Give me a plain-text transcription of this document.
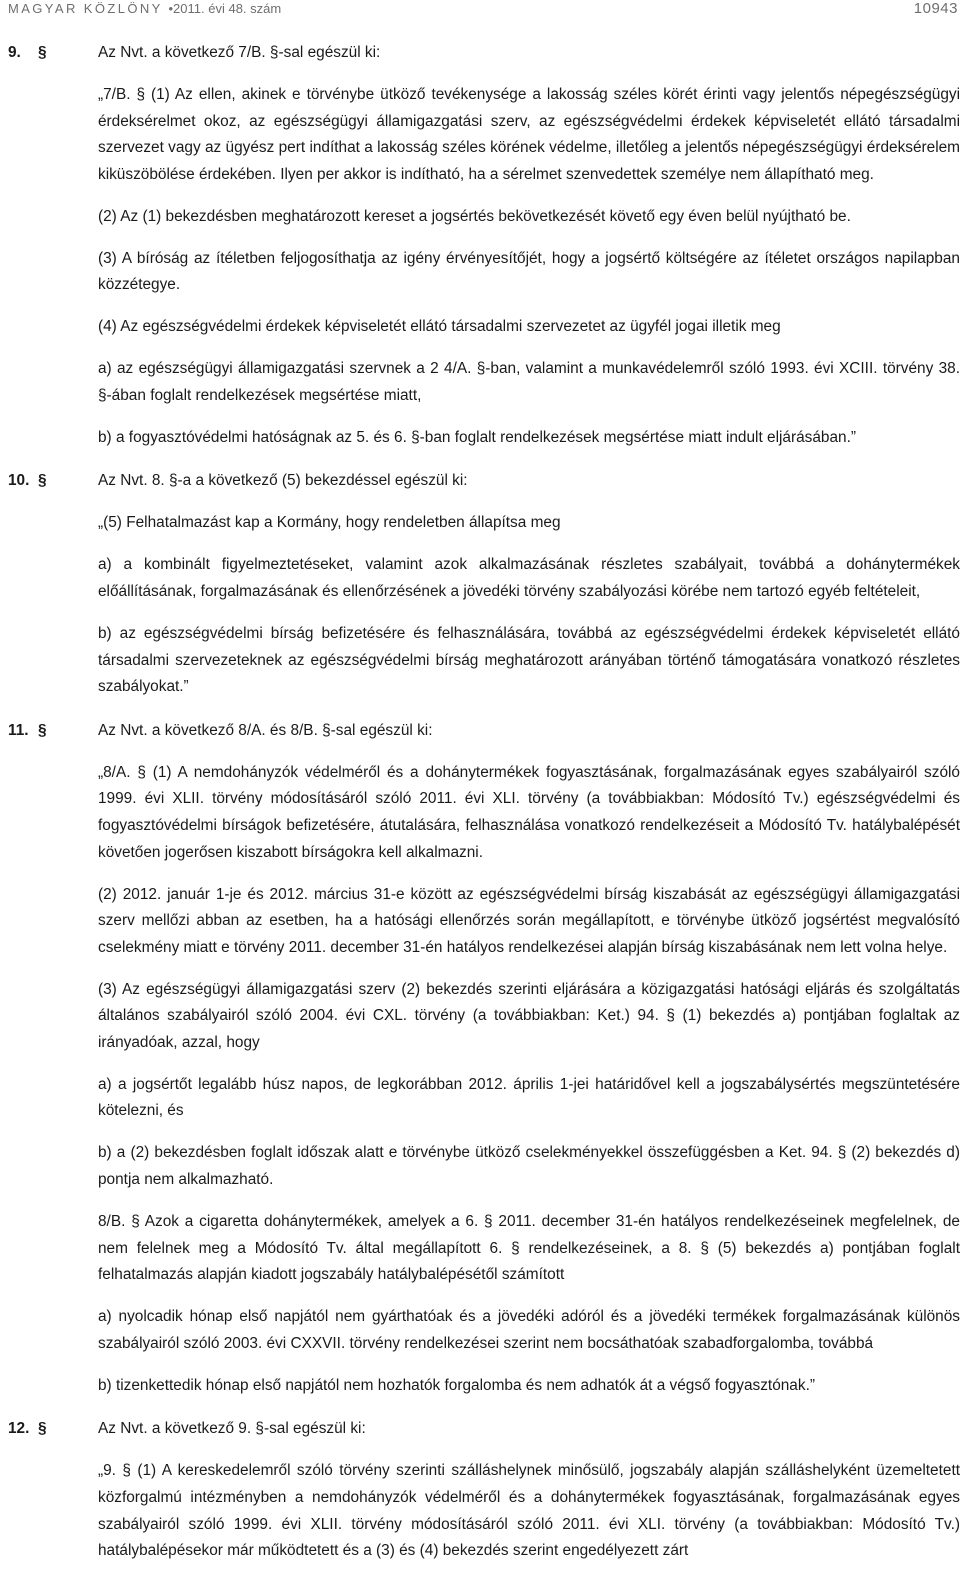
MAGYAR KÖZLÖNY •2011. évi 48. szám	10943
9. §	Az Nvt. a következő 7/B. §-sal egészül ki:

„7/B. § (1) Az ellen, akinek e törvénybe ütköző tevékenysége a lakosság széles körét érinti vagy jelentős népegészségügyi érdeksérelmet okoz, az egészségügyi államigazgatási szerv, az egészségvédelmi érdekek képviseletét ellátó társadalmi szervezet vagy az ügyész pert indíthat a lakosság széles körének védelme, illetőleg a jelentős népegészségügyi érdeksérelem kiküszöbölése érdekében. Ilyen per akkor is indítható, ha a sérelmet szenvedettek személye nem állapítható meg.

(2) Az (1) bekezdésben meghatározott kereset a jogsértés bekövetkezését követő egy éven belül nyújtható be.

(3) A bíróság az ítéletben feljogosíthatja az igény érvényesítőjét, hogy a jogsértő költségére az ítéletet országos napilapban közzétegye.

(4) Az egészségvédelmi érdekek képviseletét ellátó társadalmi szervezetet az ügyfél jogai illetik meg

a) az egészségügyi államigazgatási szervnek a 2 4/A. §-ban, valamint a munkavédelemről szóló 1993. évi XCIII. törvény 38. §-ában foglalt rendelkezések megsértése miatt,

b) a fogyasztóvédelmi hatóságnak az 5. és 6. §-ban foglalt rendelkezések megsértése miatt indult eljárásában.”

10. §	Az Nvt. 8. §-a a következő (5) bekezdéssel egészül ki:

„(5) Felhatalmazást kap a Kormány, hogy rendeletben állapítsa meg

a) a kombinált figyelmeztetéseket, valamint azok alkalmazásának részletes szabályait, továbbá a dohánytermékek előállításának, forgalmazásának és ellenőrzésének a jövedéki törvény szabályozási körébe nem tartozó egyéb feltételeit,

b) az egészségvédelmi bírság befizetésére és felhasználására, továbbá az egészségvédelmi érdekek képviseletét ellátó társadalmi szervezeteknek az egészségvédelmi bírság meghatározott arányában történő támogatására vonatkozó részletes szabályokat.”

11. §	Az Nvt. a következő 8/A. és 8/B. §-sal egészül ki:

„8/A. § (1) A nemdohányzók védelméről és a dohánytermékek fogyasztásának, forgalmazásának egyes szabályairól szóló 1999. évi XLII. törvény módosításáról szóló 2011. évi XLI. törvény (a továbbiakban: Módosító Tv.) egészségvédelmi és fogyasztóvédelmi bírságok befizetésére, átutalására, felhasználása vonatkozó rendelkezéseit a Módosító Tv. hatálybalépését követően jogerősen kiszabott bírságokra kell alkalmazni.

(2) 2012. január 1-je és 2012. március 31-e között az egészségvédelmi bírság kiszabását az egészségügyi államigazgatási szerv mellőzi abban az esetben, ha a hatósági ellenőrzés során megállapított, e törvénybe ütköző jogsértést megvalósító cselekmény miatt e törvény 2011. december 31-én hatályos rendelkezései alapján bírság kiszabásának nem lett volna helye.

(3) Az egészségügyi államigazgatási szerv (2) bekezdés szerinti eljárására a közigazgatási hatósági eljárás és szolgáltatás általános szabályairól szóló 2004. évi CXL. törvény (a továbbiakban: Ket.) 94. § (1) bekezdés a) pontjában foglaltak az irányadóak, azzal, hogy

a) a jogsértőt legalább húsz napos, de legkorábban 2012. április 1-jei határidővel kell a jogszabálysértés megszüntetésére kötelezni, és

b) a (2) bekezdésben foglalt időszak alatt e törvénybe ütköző cselekményekkel összefüggésben a Ket. 94. § (2) bekezdés d) pontja nem alkalmazható.

8/B. § Azok a cigaretta dohánytermékek, amelyek a 6. § 2011. december 31-én hatályos rendelkezéseinek megfelelnek, de nem felelnek meg a Módosító Tv. által megállapított 6. § rendelkezéseinek, a 8. § (5) bekezdés a) pontjában foglalt felhatalmazás alapján kiadott jogszabály hatálybalépésétől számított

a) nyolcadik hónap első napjától nem gyárthatóak és a jövedéki adóról és a jövedéki termékek forgalmazásának különös szabályairól szóló 2003. évi CXXVII. törvény rendelkezései szerint nem bocsáthatóak szabadforgalomba, továbbá

b) tizenkettedik hónap első napjától nem hozhatók forgalomba és nem adhatók át a végső fogyasztónak.”

12. §	Az Nvt. a következő 9. §-sal egészül ki:

„9. § (1) A kereskedelemről szóló törvény szerinti szálláshelynek minősülő, jogszabály alapján szálláshelyként üzemeltetett közforgalmú intézményben a nemdohányzók védelméről és a dohánytermékek fogyasztásának, forgalmazásának egyes szabályairól szóló 1999. évi XLII. törvény módosításáról szóló 2011. évi XLI. törvény (a továbbiakban: Módosító Tv.) hatálybalépésekor már működtetett és a (3) és (4) bekezdés szerint engedélyezett zárt
